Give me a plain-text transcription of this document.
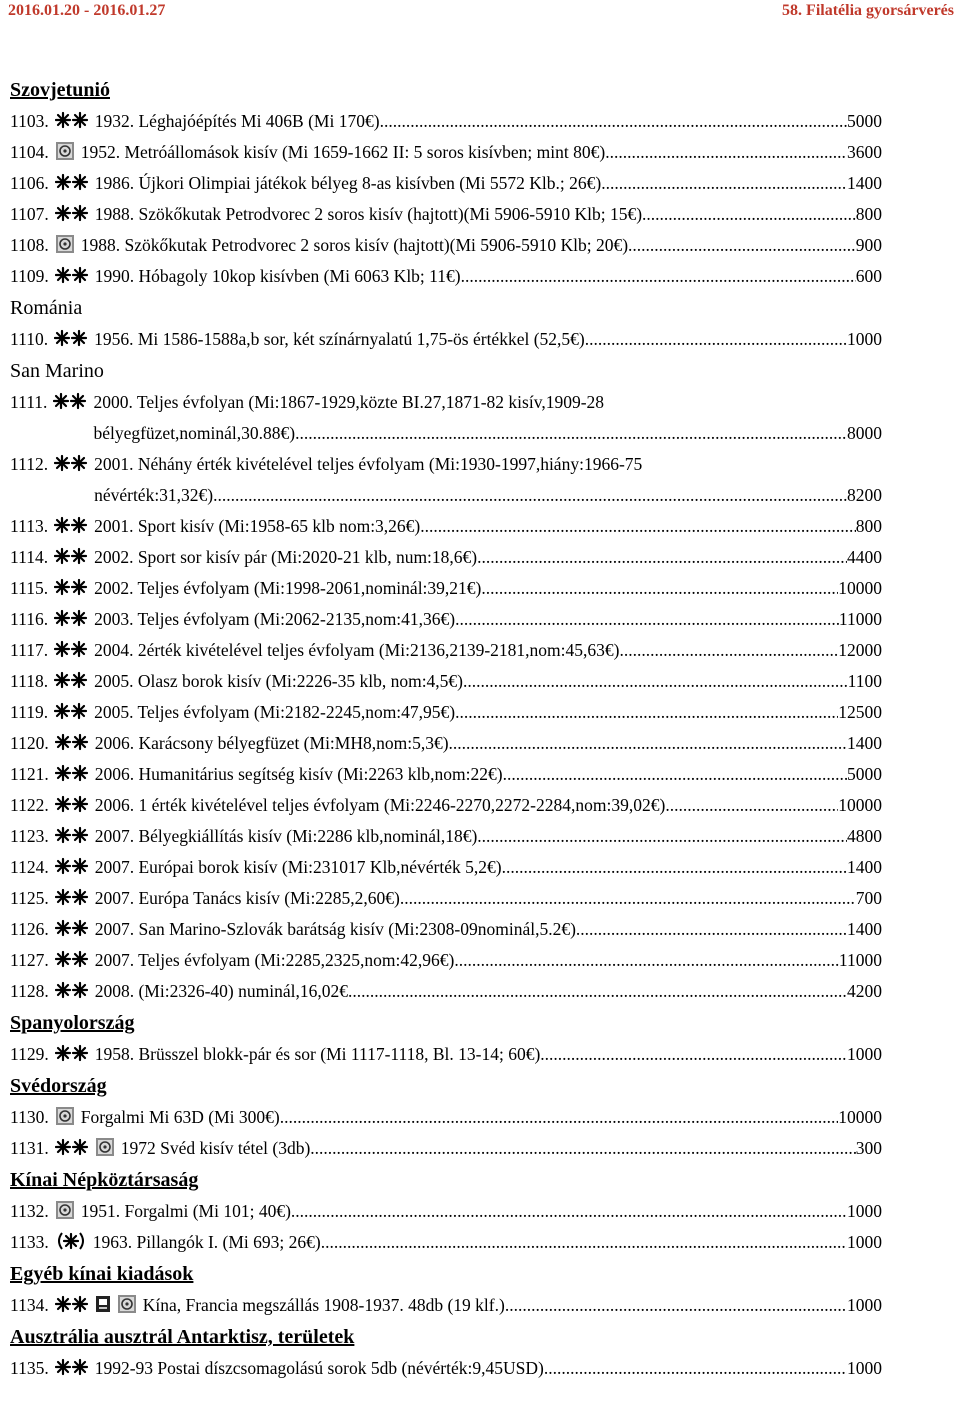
2016.01.20 - 2016.01.27	58. Filatélia gyorsárverés
Szovjetunió
1103.	1932. Léghajóépítés Mi 406B (Mi 170€) .....	5000
1104.	1952. Metróállomások kisív (Mi 1659-1662 II: 5 soros kisívben; mint 80€) .....	3600
1106.	1986. Újkori Olimpiai játékok bélyeg 8-as kisívben (Mi 5572 Klb.; 26€) .....	1400
1107.	1988. Szökőkutak Petrodvorec 2 soros kisív (hajtott)(Mi 5906-5910 Klb; 15€) .....	800
1108.	1988. Szökőkutak Petrodvorec 2 soros kisív (hajtott)(Mi 5906-5910 Klb; 20€) .....	900
1109.	1990. Hóbagoly 10kop kisívben (Mi 6063 Klb; 11€) .....	600
Románia
1110.	1956. Mi 1586-1588a,b sor, két színárnyalatú 1,75-ös értékkel (52,5€) .....	1000
San Marino
1111.	2000. Teljes évfolyan (Mi:1867-1929,közte BI.27,1871-82 kisív,1909-28
bélyegfüzet,nominál,30.88€) .....	8000
1112.	2001. Néhány érték kivételével teljes évfolyam (Mi:1930-1997,hiány:1966-75
névérték:31,32€) .....	8200
1113.	2001. Sport kisív (Mi:1958-65 klb nom:3,26€) .....	800
1114.	2002. Sport sor kisív pár (Mi:2020-21 klb, num:18,6€) .....	4400
1115.	2002. Teljes évfolyam (Mi:1998-2061,nominál:39,21€) .....	10000
1116.	2003. Teljes évfolyam (Mi:2062-2135,nom:41,36€) .....	11000
1117.	2004. 2érték kivételével teljes évfolyam (Mi:2136,2139-2181,nom:45,63€) .....	12000
1118.	2005. Olasz borok kisív (Mi:2226-35 klb, nom:4,5€) .....	1100
1119.	2005. Teljes évfolyam (Mi:2182-2245,nom:47,95€) .....	12500
1120.	2006. Karácsony bélyegfüzet (Mi:MH8,nom:5,3€) .....	1400
1121.	2006. Humanitárius segítség kisív (Mi:2263 klb,nom:22€) .....	5000
1122.	2006. 1 érték kivételével teljes évfolyam (Mi:2246-2270,2272-2284,nom:39,02€) .....	10000
1123.	2007. Bélyegkiállítás kisív (Mi:2286 klb,nominál,18€) .....	4800
1124.	2007. Európai borok kisív (Mi:231017 Klb,névérték 5,2€) .....	1400
1125.	2007. Európa Tanács kisív (Mi:2285,2,60€) .....	700
1126.	2007. San Marino-Szlovák barátság kisív (Mi:2308-09nominál,5.2€) .....	1400
1127.	2007. Teljes évfolyam (Mi:2285,2325,nom:42,96€) .....	11000
1128.	2008. (Mi:2326-40) numinál,16,02€ .....	4200
Spanyolország
1129.	1958. Brüsszel blokk-pár és sor (Mi 1117-1118, Bl. 13-14; 60€) .....	1000
Svédország
1130.	Forgalmi Mi 63D (Mi 300€) .....	10000
1131.	1972 Svéd kisív tétel (3db) .....	300
Kínai Népköztársaság
1132.	1951. Forgalmi (Mi 101; 40€) .....	1000
1133.	1963. Pillangók I. (Mi 693; 26€) .....	1000
Egyéb kínai kiadások
1134.	Kína, Francia megszállás 1908-1937. 48db (19 klf.) .....	1000
Ausztrália ausztrál Antarktisz, területek
1135.	1992-93 Postai díszcsomagolású sorok 5db (névérték:9,45USD) .....	1000
